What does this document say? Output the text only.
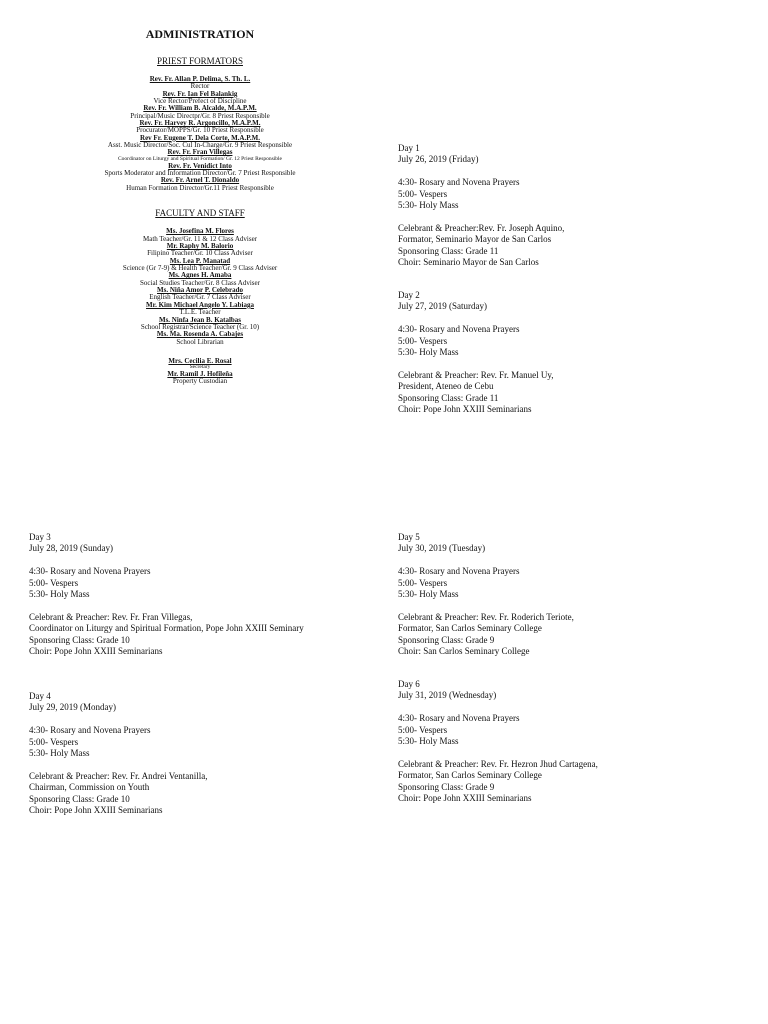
ADMINISTRATION
PRIEST FORMATORS
Rev. Fr. Allan P. Delima, S. Th. L.
Rector
Rev. Fr. Ian Fel Balankig
Vice Rector/Prefect of Discipline
Rev. Fr. William B. Alcalde, M.A.P.M.
Principal/Music Directpr/Gr. 8 Priest Responsible
Rev. Fr. Harvey R. Argoncillo, M.A.P.M.
Procurator/MOPPS/Gr. 10 Priest Responsible
Rev Fr. Eugene T. Dela Corte, M.A.P.M.
Asst. Music Director/Soc. Cul In-Charge/Gr. 9 Priest Responsible
Rev. Fr. Fran Villegas
Coordinator on Liturgy and Spiritual Formation/ Gr. 12 Priest Responsible
Rev. Fr. Venidict Into
Sports Moderator and Information Director/Gr. 7 Priest Responsible
Rev. Fr. Arnel T. Dionaldo
Human Formation Director/Gr.11 Priest Responsible
FACULTY AND STAFF
Ms. Josefina M. Flores
Math Teacher/Gr. 11 & 12 Class Adviser
Mr. Raphy M. Balorio
Filipino Teacher/Gr. 10 Class Adviser
Ms. Lea P. Manatad
Science (Gr 7-9) & Health Teacher/Gr. 9 Class Adviser
Ms. Agnes H. Amaba
Social Studies Teacher/Gr. 8 Class Adviser
Ms. Niña Amor P. Celebrado
English Teacher/Gr. 7 Class Adviser
Mr. Kim Michael Angelo Y. Labiaga
T.L.E. Teacher
Ms. Ninfa Jean B. Katalbas
School Registrar/Science Teacher (Gr. 10)
Ms. Ma. Rosenda A. Cabajes
School Librarian
Mrs. Cecilia E. Rosal
Secretary
Mr. Ramil J. Hofileña
Property Custodian
Day 1
July 26, 2019 (Friday)
4:30- Rosary and Novena Prayers
5:00- Vespers
5:30- Holy Mass
Celebrant & Preacher:Rev. Fr. Joseph Aquino,
Formator, Seminario Mayor de San Carlos
Sponsoring Class: Grade 11
Choir: Seminario Mayor de San Carlos
Day 2
July 27, 2019 (Saturday)
4:30- Rosary and Novena Prayers
5:00- Vespers
5:30- Holy Mass
Celebrant & Preacher: Rev. Fr. Manuel Uy,
President, Ateneo de Cebu
Sponsoring Class: Grade 11
Choir: Pope John XXIII Seminarians
Day 3
July 28, 2019 (Sunday)
4:30- Rosary and Novena Prayers
5:00- Vespers
5:30- Holy Mass
Celebrant & Preacher: Rev. Fr. Fran Villegas,
Coordinator on Liturgy and Spiritual Formation, Pope John XXIII Seminary
Sponsoring Class: Grade 10
Choir: Pope John XXIII Seminarians
Day 4
July 29, 2019 (Monday)
4:30- Rosary and Novena Prayers
5:00- Vespers
5:30- Holy Mass
Celebrant & Preacher: Rev. Fr. Andrei Ventanilla,
Chairman, Commission on Youth
Sponsoring Class: Grade 10
Choir: Pope John XXIII Seminarians
Day 5
July 30, 2019 (Tuesday)
4:30- Rosary and Novena Prayers
5:00- Vespers
5:30- Holy Mass
Celebrant & Preacher: Rev. Fr. Roderich Teriote,
Formator, San Carlos Seminary College
Sponsoring Class: Grade 9
Choir: San Carlos Seminary College
Day 6
July 31, 2019 (Wednesday)
4:30- Rosary and Novena Prayers
5:00- Vespers
5:30- Holy Mass
Celebrant & Preacher: Rev. Fr. Hezron Jhud Cartagena,
Formator, San Carlos Seminary College
Sponsoring Class: Grade 9
Choir: Pope John XXIII Seminarians
